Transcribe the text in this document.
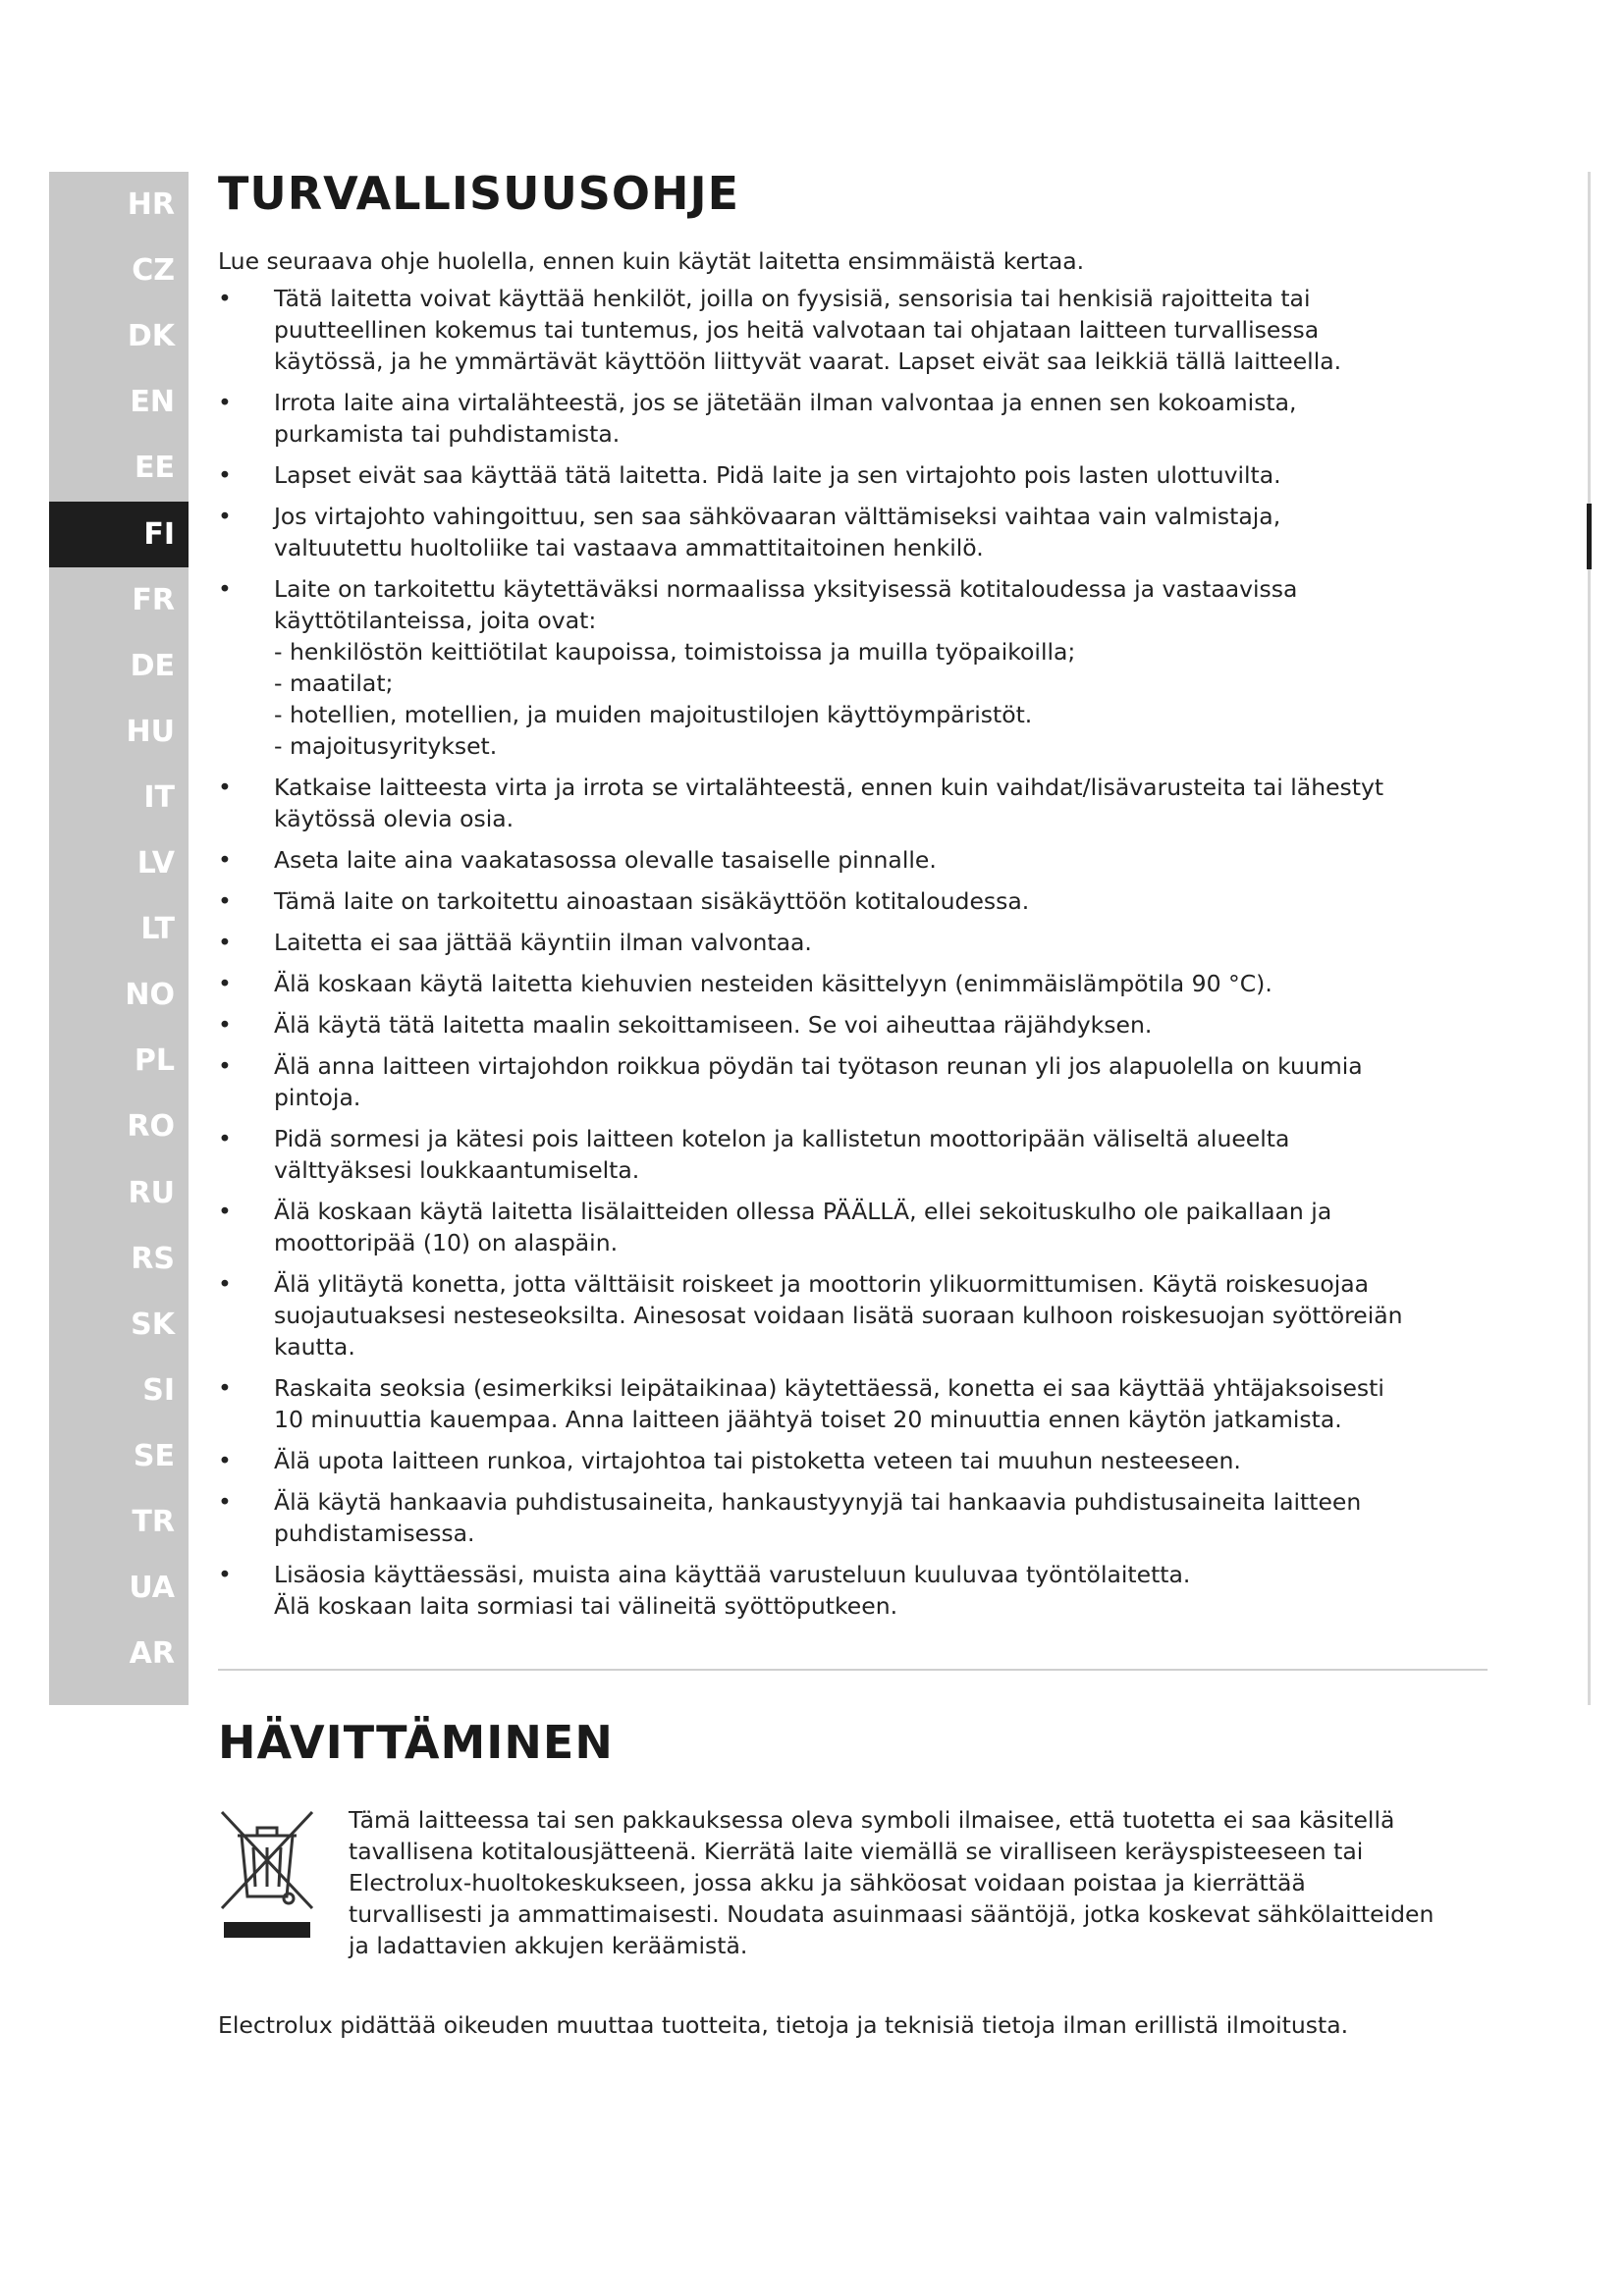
HR
CZ
DK
EN
EE
FI
FR
DE
HU
IT
LV
LT
NO
PL
RO
RU
RS
SK
SI
SE
TR
UA
AR
TURVALLISUUSOHJE
Lue seuraava ohje huolella, ennen kuin käytät laitetta ensimmäistä kertaa.
• Tätä laitetta voivat käyttää henkilöt, joilla on fyysisiä, sensorisia tai henkisiä rajoitteita tai
puutteellinen kokemus tai tuntemus, jos heitä valvotaan tai ohjataan laitteen turvallisessa
käytössä, ja he ymmärtävät käyttöön liittyvät vaarat. Lapset eivät saa leikkiä tällä laitteella.
• Irrota laite aina virtalähteestä, jos se jätetään ilman valvontaa ja ennen sen kokoamista,
purkamista tai puhdistamista.
• Lapset eivät saa käyttää tätä laitetta. Pidä laite ja sen virtajohto pois lasten ulottuvilta.
• Jos virtajohto vahingoittuu, sen saa sähkövaaran välttämiseksi vaihtaa vain valmistaja,
valtuutettu huoltoliike tai vastaava ammattitaitoinen henkilö.
• Laite on tarkoitettu käytettäväksi normaalissa yksityisessä kotitaloudessa ja vastaavissa
käyttötilanteissa, joita ovat:
- henkilöstön keittiötilat kaupoissa, toimistoissa ja muilla työpaikoilla;
- maatilat;
- hotellien, motellien, ja muiden majoitustilojen käyttöympäristöt.
- majoitusyritykset.
• Katkaise laitteesta virta ja irrota se virtalähteestä, ennen kuin vaihdat/lisävarusteita tai lähestyt
käytössä olevia osia.
• Aseta laite aina vaakatasossa olevalle tasaiselle pinnalle.
• Tämä laite on tarkoitettu ainoastaan sisäkäyttöön kotitaloudessa.
• Laitetta ei saa jättää käyntiin ilman valvontaa.
• Älä koskaan käytä laitetta kiehuvien nesteiden käsittelyyn (enimmäislämpötila 90 °C).
• Älä käytä tätä laitetta maalin sekoittamiseen. Se voi aiheuttaa räjähdyksen.
• Älä anna laitteen virtajohdon roikkua pöydän tai työtason reunan yli jos alapuolella on kuumia
pintoja.
• Pidä sormesi ja kätesi pois laitteen kotelon ja kallistetun moottoripään väliseltä alueelta
välttyäksesi loukkaantumiselta.
• Älä koskaan käytä laitetta lisälaitteiden ollessa PÄÄLLÄ, ellei sekoituskulho ole paikallaan ja
moottoripää (10) on alaspäin.
• Älä ylitäytä konetta, jotta välttäisit roiskeet ja moottorin ylikuormittumisen. Käytä roiskesuojaa
suojautuaksesi nesteseoksilta. Ainesosat voidaan lisätä suoraan kulhoon roiskesuojan syöttöreiän
kautta.
• Raskaita seoksia (esimerkiksi leipätaikinaa) käytettäessä, konetta ei saa käyttää yhtäjaksoisesti
10 minuuttia kauempaa. Anna laitteen jäähtyä toiset 20 minuuttia ennen käytön jatkamista.
• Älä upota laitteen runkoa, virtajohtoa tai pistoketta veteen tai muuhun nesteeseen.
• Älä käytä hankaavia puhdistusaineita, hankaustyynyjä tai hankaavia puhdistusaineita laitteen
puhdistamisessa.
• Lisäosia käyttäessäsi, muista aina käyttää varusteluun kuuluvaa työntölaitetta.
Älä koskaan laita sormiasi tai välineitä syöttöputkeen.
HÄVITTÄMINEN
Tämä laitteessa tai sen pakkauksessa oleva symboli ilmaisee, että tuotetta ei saa käsitellä
tavallisena kotitalousjätteenä. Kierrätä laite viemällä se viralliseen keräyspisteeseen tai
Electrolux-huoltokeskukseen, jossa akku ja sähköosat voidaan poistaa ja kierrättää
turvallisesti ja ammattimaisesti. Noudata asuinmaasi sääntöjä, jotka koskevat sähkölaitteiden
ja ladattavien akkujen keräämistä.
Electrolux pidättää oikeuden muuttaa tuotteita, tietoja ja teknisiä tietoja ilman erillistä ilmoitusta.
